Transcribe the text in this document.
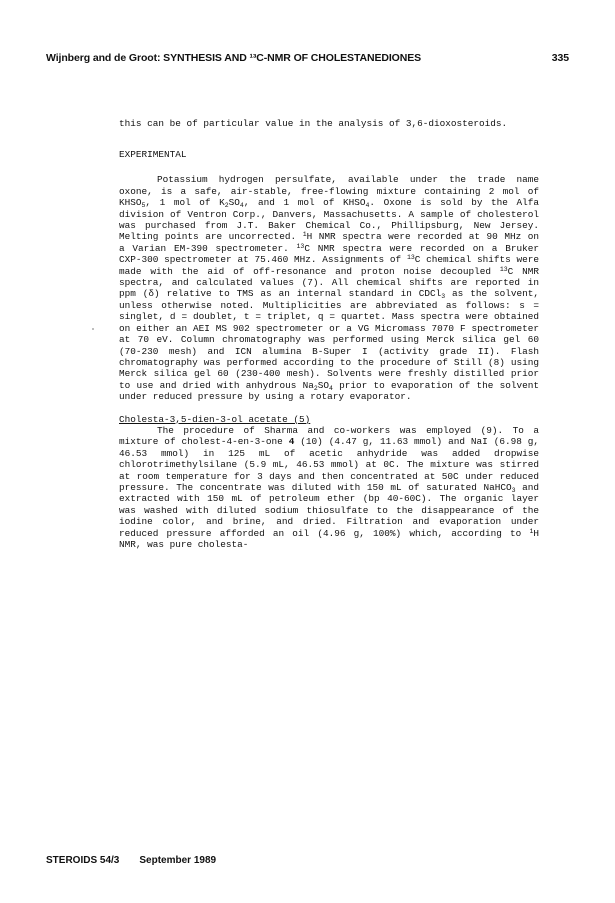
Wijnberg and de Groot: SYNTHESIS AND ¹³C-NMR OF CHOLESTANEDIONES	335

this can be of particular value in the analysis of 3,6-dioxosteroids.

EXPERIMENTAL

Potassium hydrogen persulfate, available under the trade name oxone, is a safe, air-stable, free-flowing mixture containing 2 mol of $KHSO_5$, 1 mol of $K_2SO_4$, and 1 mol of $KHSO_4$. Oxone is sold by the Alfa division of Ventron Corp., Danvers, Massachusetts. A sample of cholesterol was purchased from J.T. Baker Chemical Co., Phillipsburg, New Jersey. Melting points are uncorrected. $^1$H NMR spectra were recorded at 90 MHz on a Varian EM-390 spectrometer. $^{13}$C NMR spectra were recorded on a Bruker CXP-300 spectrometer at 75.460 MHz. Assignments of $^{13}$C chemical shifts were made with the aid of off-resonance and proton noise decoupled $^{13}$C NMR spectra, and calculated values (7). All chemical shifts are reported in ppm (δ) relative to TMS as an internal standard in CDCl$_3$ as the solvent, unless otherwise noted. Multiplicities are abbreviated as follows: s = singlet, d = doublet, t = triplet, q = quartet. Mass spectra were obtained on either an AEI MS 902 spectrometer or a VG Micromass 7070 F spectrometer at 70 eV. Column chromatography was performed using Merck silica gel 60 (70-230 mesh) and ICN alumina B-Super I (activity grade II). Flash chromatography was performed according to the procedure of Still (8) using Merck silica gel 60 (230-400 mesh). Solvents were freshly distilled prior to use and dried with anhydrous $Na_2SO_4$ prior to evaporation of the solvent under reduced pressure by using a rotary evaporator.

Cholesta-3,5-dien-3-ol acetate (5)

The procedure of Sharma and co-workers was employed (9). To a mixture of cholest-4-en-3-one 4 (10) (4.47 g, 11.63 mmol) and NaI (6.98 g, 46.53 mmol) in 125 mL of acetic anhydride was added dropwise chlorotrimethylsilane (5.9 mL, 46.53 mmol) at 0C. The mixture was stirred at room temperature for 3 days and then concentrated at 50C under reduced pressure. The concentrate was diluted with 150 mL of saturated NaHCO$_3$ and extracted with 150 mL of petroleum ether (bp 40-60C). The organic layer was washed with diluted sodium thiosulfate to the disappearance of the iodine color, and brine, and dried. Filtration and evaporation under reduced pressure afforded an oil (4.96 g, 100%) which, according to $^1$H NMR, was pure cholesta-

STEROIDS 54/3 September 1989
